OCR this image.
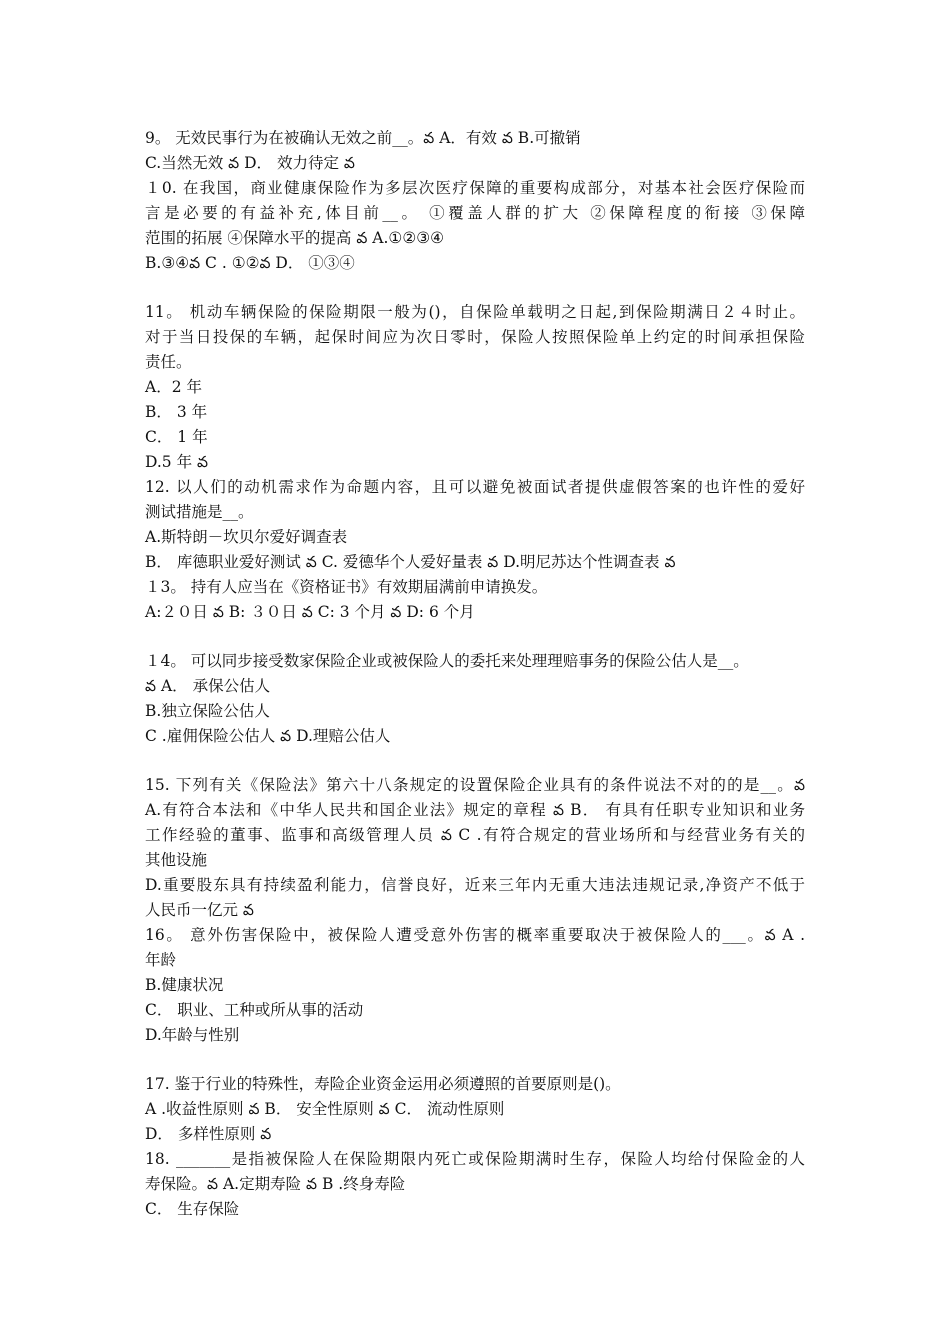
9。 无效民事行为在被确认无效之前__。వ A．有效 వ B.可撤销
C.当然无效 వ D． 效力待定 వ
１0. 在我国，商业健康保险作为多层次医疗保障的重要构成部分，对基本社会医疗保险而
言是必要的有益补充,体目前__。 ①覆盖人群的扩大 ②保障程度的衔接 ③保障
范围的拓展 ④保障水平的提高 వ A.①②③④
B.③④వ C . ①②వ D． ①③④
11。 机动车辆保险的保险期限一般为()，自保险单载明之日起,到保险期满日２４时止。
对于当日投保的车辆，起保时间应为次日零时，保险人按照保险单上约定的时间承担保险
责任。
A．2 年
B． 3 年
C． 1 年
D.5 年 వ
12. 以人们的动机需求作为命题内容，且可以避免被面试者提供虚假答案的也许性的爱好
测试措施是__。
A.斯特朗－坎贝尔爱好调查表
B． 库德职业爱好测试 వ C. 爱德华个人爱好量表 వ D.明尼苏达个性调查表 వ
１3。 持有人应当在《资格证书》有效期届满前申请换发。
A:２０日 వ B: ３０日 వ C: 3 个月 వ D: 6 个月
１4。 可以同步接受数家保险企业或被保险人的委托来处理理赔事务的保险公估人是__。
వ A． 承保公估人
B.独立保险公估人
C .雇佣保险公估人 వ D.理赔公估人
15. 下列有关《保险法》第六十八条规定的设置保险企业具有的条件说法不对的的是__。వ
A.有符合本法和《中华人民共和国企业法》规定的章程 వ B． 有具有任职专业知识和业务
工作经验的董事、监事和高级管理人员 వ C .有符合规定的营业场所和与经营业务有关的
其他设施
D.重要股东具有持续盈利能力，信誉良好，近来三年内无重大违法违规记录,净资产不低于
人民币一亿元 వ
16。 意外伤害保险中，被保险人遭受意外伤害的概率重要取决于被保险人的___。వ A .
年龄
B.健康状况
C． 职业、工种或所从事的活动
D.年龄与性别
17. 鉴于行业的特殊性，寿险企业资金运用必须遵照的首要原则是()。
A .收益性原则 వ B． 安全性原则 వ C． 流动性原则
D． 多样性原则 వ
18. _______是指被保险人在保险期限内死亡或保险期满时生存，保险人均给付保险金的人
寿保险。వ A.定期寿险 వ B .终身寿险
C． 生存保险
